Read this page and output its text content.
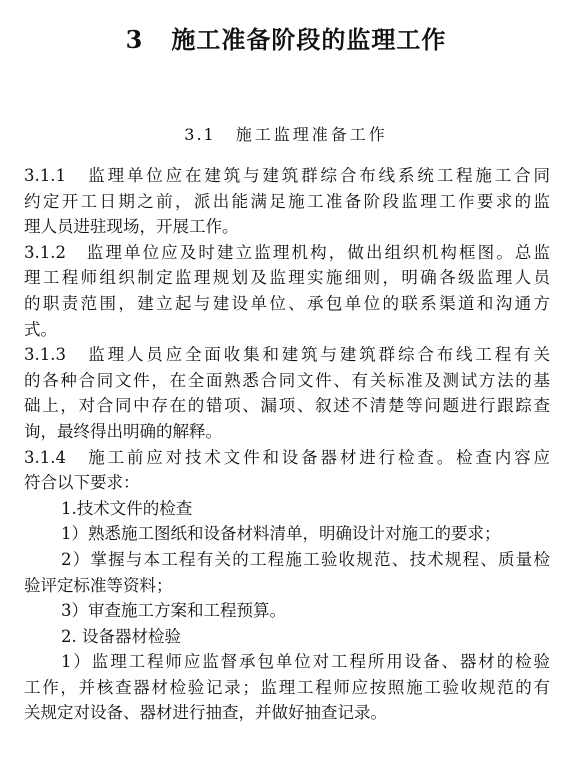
3 施工准备阶段的监理工作
3.1 施工监理准备工作
3.1.1　监理单位应在建筑与建筑群综合布线系统工程施工合同
约定开工日期之前，派出能满足施工准备阶段监理工作要求的监
理人员进驻现场，开展工作。
3.1.2　监理单位应及时建立监理机构，做出组织机构框图。总监
理工程师组织制定监理规划及监理实施细则，明确各级监理人员
的职责范围，建立起与建设单位、承包单位的联系渠道和沟通方
式。
3.1.3　监理人员应全面收集和建筑与建筑群综合布线工程有关
的各种合同文件，在全面熟悉合同文件、有关标准及测试方法的基
础上，对合同中存在的错项、漏项、叙述不清楚等问题进行跟踪查
询，最终得出明确的解释。
3.1.4　施工前应对技术文件和设备器材进行检查。检查内容应
符合以下要求：
1.技术文件的检查
1）熟悉施工图纸和设备材料清单，明确设计对施工的要求；
2）掌握与本工程有关的工程施工验收规范、技术规程、质量检
验评定标准等资料；
3）审查施工方案和工程预算。
2. 设备器材检验
1）监理工程师应监督承包单位对工程所用设备、器材的检验
工作，并核查器材检验记录；监理工程师应按照施工验收规范的有
关规定对设备、器材进行抽查，并做好抽查记录。
